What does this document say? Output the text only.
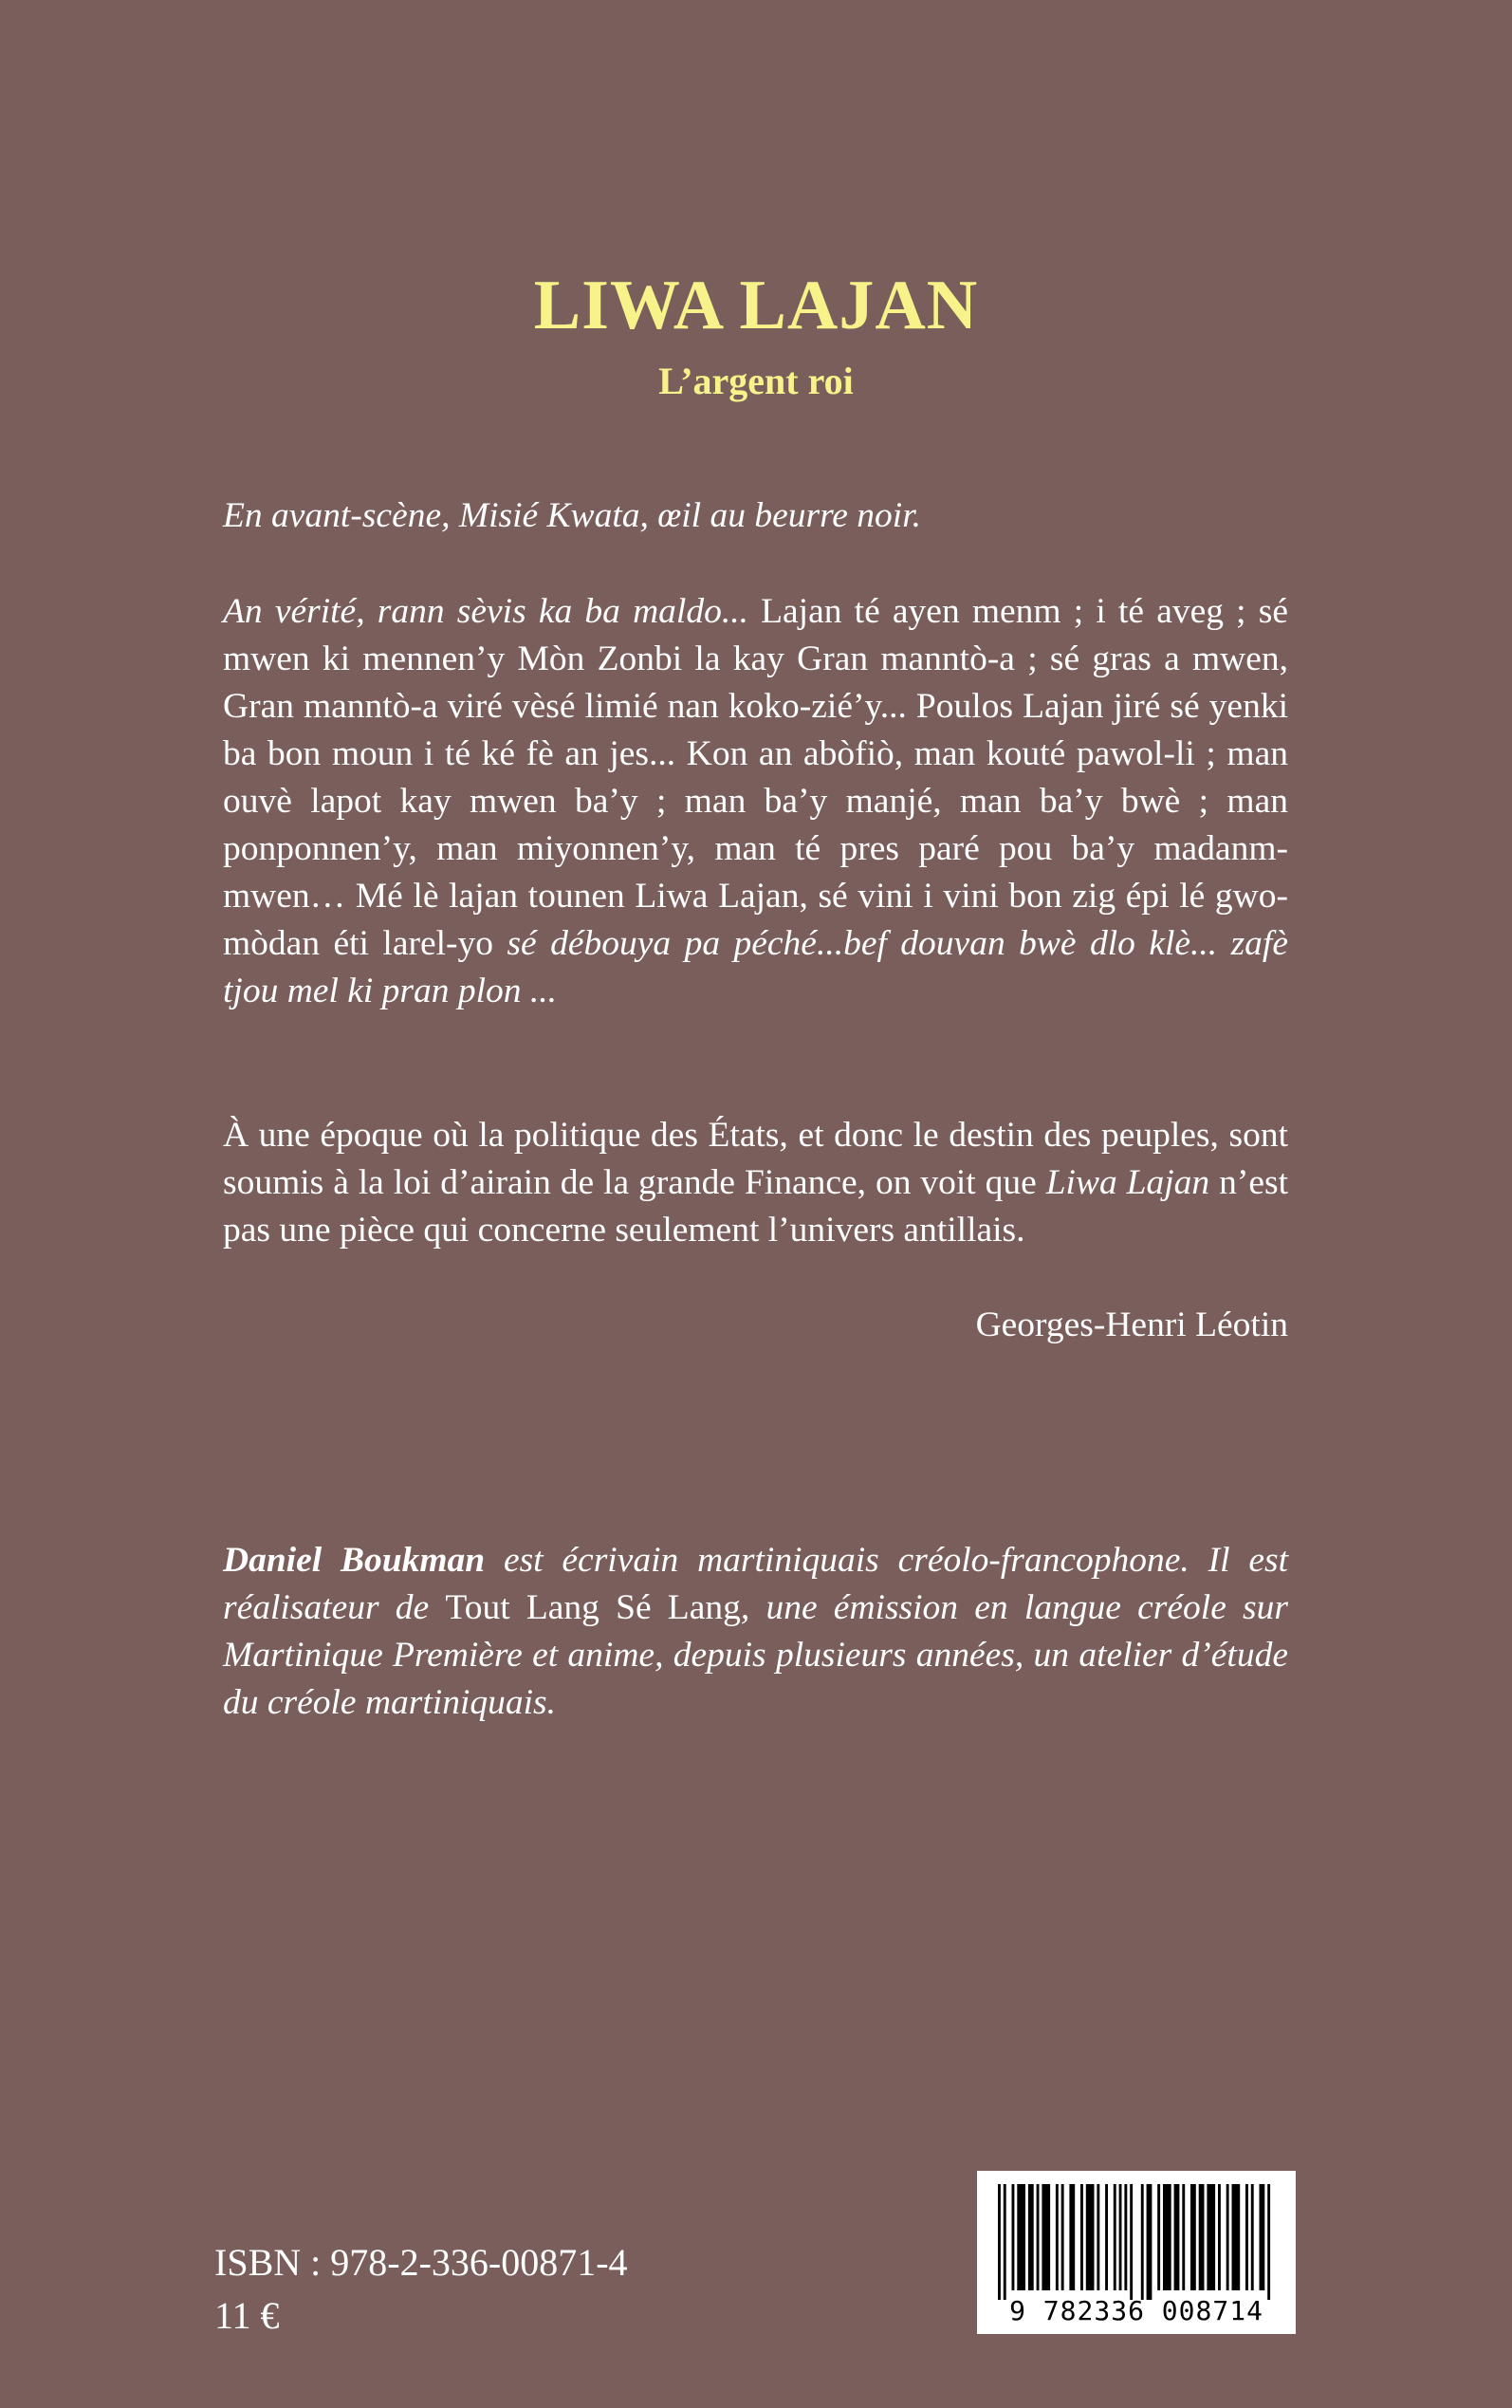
LIWA LAJAN
L’argent roi

En avant-scène, Misié Kwata, œil au beurre noir.

An vérité, rann sèvis ka ba maldo... Lajan té ayen menm ; i té aveg ; sé mwen ki mennen’y Mòn Zonbi la kay Gran manntò-a ; sé gras a mwen, Gran manntò-a viré vèsé limié nan koko-zié’y... Poulos Lajan jiré sé yenki ba bon moun i té ké fè an jes... Kon an abòfiò, man kouté pawol-li ; man ouvè lapot kay mwen ba’y ; man ba’y manjé, man ba’y bwè ; man ponponnen’y, man miyonnen’y, man té pres paré pou ba’y madanm-mwen… Mé lè lajan tounen Liwa Lajan, sé vini i vini bon zig épi lé gwo-mòdan éti larel-yo sé débouya pa péché...bef douvan bwè dlo klè... zafè tjou mel ki pran plon ...

À une époque où la politique des États, et donc le destin des peuples, sont soumis à la loi d’airain de la grande Finance, on voit que Liwa Lajan n’est pas une pièce qui concerne seulement l’univers antillais.

Georges-Henri Léotin

Daniel Boukman est écrivain martiniquais créolo-francophone. Il est réalisateur de Tout Lang Sé Lang, une émission en langue créole sur Martinique Première et anime, depuis plusieurs années, un atelier d’étude du créole martiniquais.

ISBN : 978-2-336-00871-4
11 €	9 782336 008714
